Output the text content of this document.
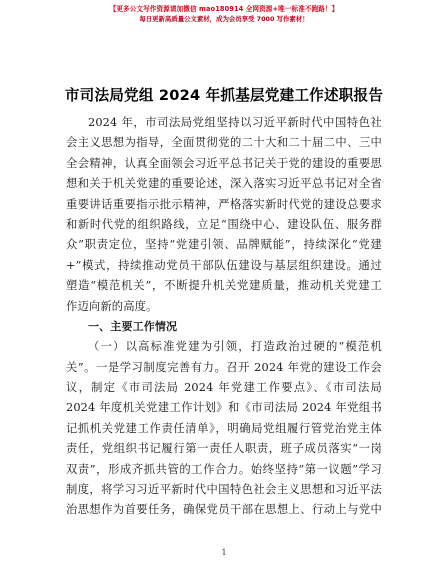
【更多公文写作资源请加微信 mao180914 全网资源+唯一标准不跑路！】
每日更新高质量公文素材，成为会员享受 7000 写作素材！
市司法局党组 2024 年抓基层党建工作述职报告
2024 年，市司法局党组坚持以习近平新时代中国特色社
会主义思想为指导，全面贯彻党的二十大和二十届二中、三中
全会精神，认真全面领会习近平总书记关于党的建设的重要思
想和关于机关党建的重要论述，深入落实习近平总书记对全省
重要讲话重要指示批示精神，严格落实新时代党的建设总要求
和新时代党的组织路线，立足“围绕中心、建设队伍、服务群
众”职责定位，坚持“党建引领、品牌赋能”，持续深化“党建
+”模式，持续推动党员干部队伍建设与基层组织建设。通过
塑造“模范机关”，不断提升机关党建质量，推动机关党建工
作迈向新的高度。
一、主要工作情况
（一）以高标准党建为引领，打造政治过硬的“模范机
关”。一是学习制度完善有力。召开 2024 年党的建设工作会
议，制定《市司法局 2024 年党建工作要点》、《市司法局
2024 年度机关党建工作计划》和《市司法局 2024 年党组书
记抓机关党建工作责任清单》，明确局党组履行管党治党主体
责任，党组织书记履行第一责任人职责，班子成员落实“一岗
双责”，形成齐抓共管的工作合力。始终坚持“第一议题”学习
制度，将学习习近平新时代中国特色社会主义思想和习近平法
治思想作为首要任务，确保党员干部在思想上、行动上与党中
1
